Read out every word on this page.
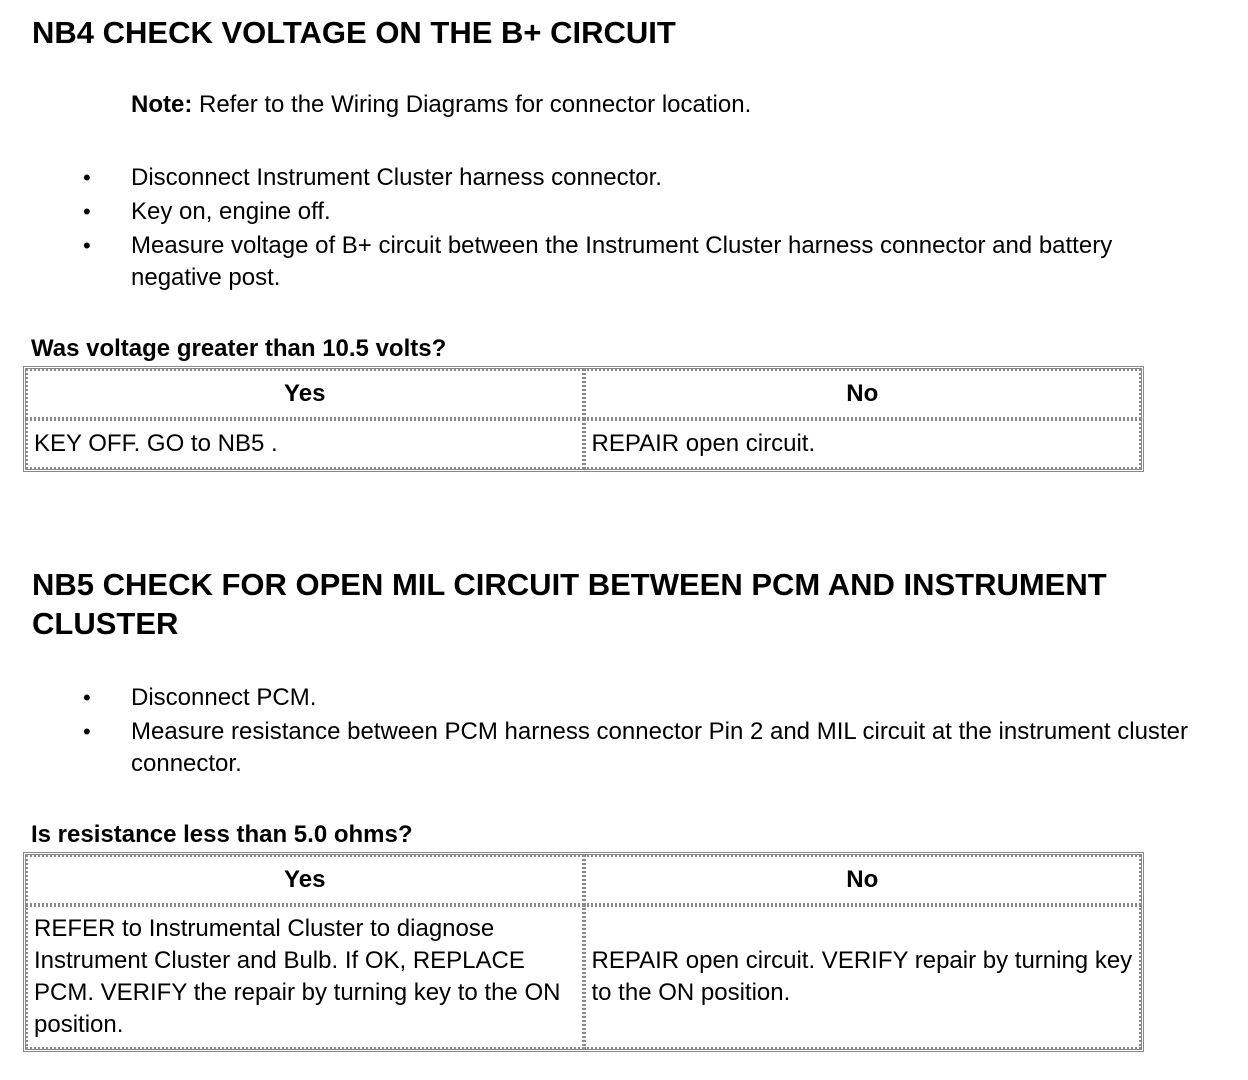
NB4 CHECK VOLTAGE ON THE B+ CIRCUIT

Note: Refer to the Wiring Diagrams for connector location.

• Disconnect Instrument Cluster harness connector.
• Key on, engine off.
• Measure voltage of B+ circuit between the Instrument Cluster harness connector and battery negative post.

Was voltage greater than 10.5 volts?

Yes	No
KEY OFF. GO to NB5 .	REPAIR open circuit.
NB5 CHECK FOR OPEN MIL CIRCUIT BETWEEN PCM AND INSTRUMENT CLUSTER
• Disconnect PCM.
• Measure resistance between PCM harness connector Pin 2 and MIL circuit at the instrument cluster connector.

Is resistance less than 5.0 ohms?

Yes	No
REFER to Instrumental Cluster to diagnose Instrument Cluster and Bulb. If OK, REPLACE PCM. VERIFY the repair by turning key to the ON position.	REPAIR open circuit. VERIFY repair by turning key to the ON position.
